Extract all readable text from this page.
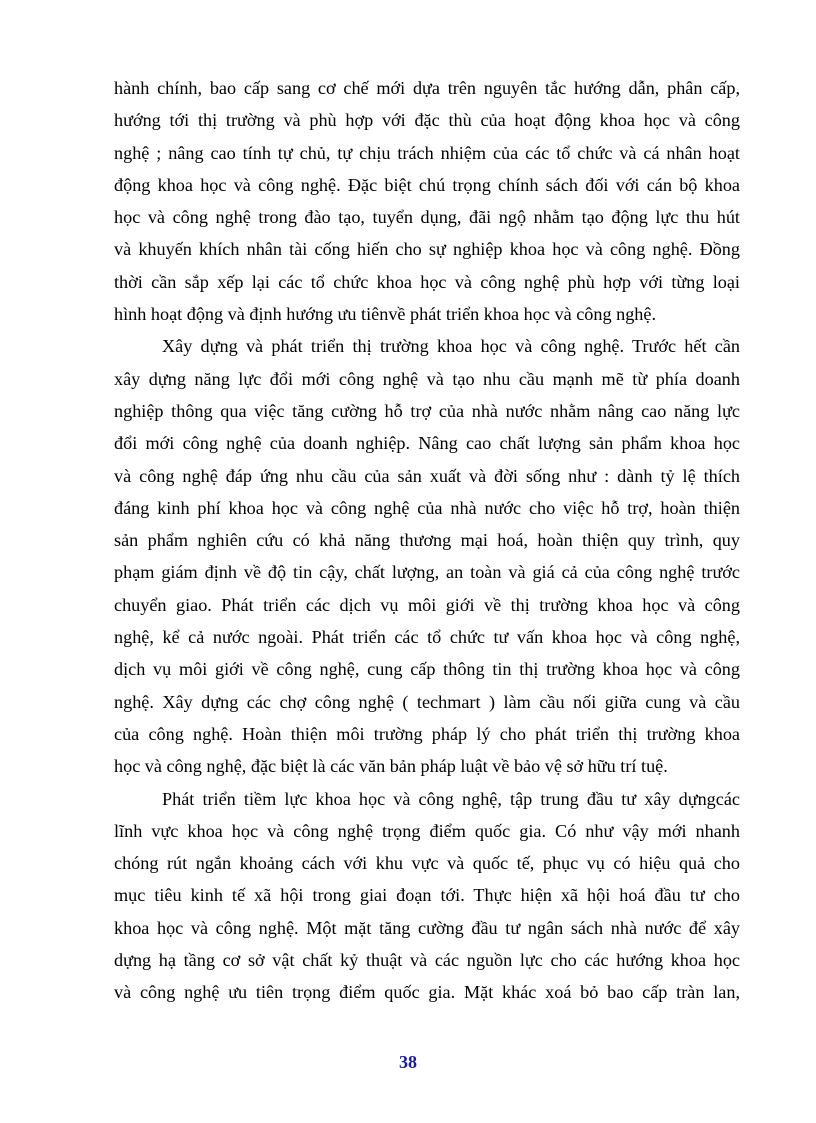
hành chính, bao cấp sang cơ chế mới dựa trên nguyên tắc hướng dẫn, phân cấp,
hướng tới thị trường và phù hợp với đặc thù của hoạt động khoa học và công
nghệ ; nâng cao tính tự chủ, tự chịu trách nhiệm của các tổ chức và cá nhân hoạt
động khoa học và công nghệ. Đặc biệt chú trọng chính sách đối với cán bộ khoa
học và công nghệ trong đào tạo, tuyển dụng, đãi ngộ nhằm tạo động lực thu hút
và khuyến khích nhân tài cống hiến cho sự nghiệp khoa học và công nghệ. Đồng
thời cần sắp xếp lại các tổ chức khoa học và công nghệ phù hợp với từng loại
hình hoạt động và định hướng ưu tiênvề phát triển khoa học và công nghệ.
Xây dựng và phát triển thị trường khoa học và công nghệ. Trước hết cần
xây dựng năng lực đổi mới công nghệ và tạo nhu cầu mạnh mẽ từ phía doanh
nghiệp thông qua việc tăng cường hỗ trợ của nhà nước nhằm nâng cao năng lực
đổi mới công nghệ của doanh nghiệp. Nâng cao chất lượng sản phẩm khoa học
và công nghệ đáp ứng nhu cầu của sản xuất và đời sống như : dành tỷ lệ thích
đáng kinh phí khoa học và công nghệ của nhà nước cho việc hỗ trợ, hoàn thiện
sản phẩm nghiên cứu có khả năng thương mại hoá, hoàn thiện quy trình, quy
phạm giám định về độ tin cậy, chất lượng, an toàn và giá cả của công nghệ trước
chuyển giao. Phát triển các dịch vụ môi giới về thị trường khoa học và công
nghệ, kể cả nước ngoài. Phát triển các tổ chức tư vấn khoa học và công nghệ,
dịch vụ môi giới về công nghệ, cung cấp thông tin thị trường khoa học và công
nghệ. Xây dựng các chợ công nghệ ( techmart ) làm cầu nối giữa cung và cầu
của công nghệ. Hoàn thiện môi trường pháp lý cho phát triển thị trường khoa
học và công nghệ, đặc biệt là các văn bản pháp luật về bảo vệ sở hữu trí tuệ.
Phát triển tiềm lực khoa học và công nghệ, tập trung đầu tư xây dựngcác
lĩnh vực khoa học và công nghệ trọng điểm quốc gia. Có như vậy mới nhanh
chóng rút ngắn khoảng cách với khu vực và quốc tế, phục vụ có hiệu quả cho
mục tiêu kinh tế xã hội trong giai đoạn tới. Thực hiện xã hội hoá đầu tư cho
khoa học và công nghệ. Một mặt tăng cường đầu tư ngân sách nhà nước để xây
dựng hạ tầng cơ sở vật chất kỷ thuật và các nguồn lực cho các hướng khoa học
và công nghệ ưu tiên trọng điểm quốc gia. Mặt khác xoá bỏ bao cấp tràn lan,
38
